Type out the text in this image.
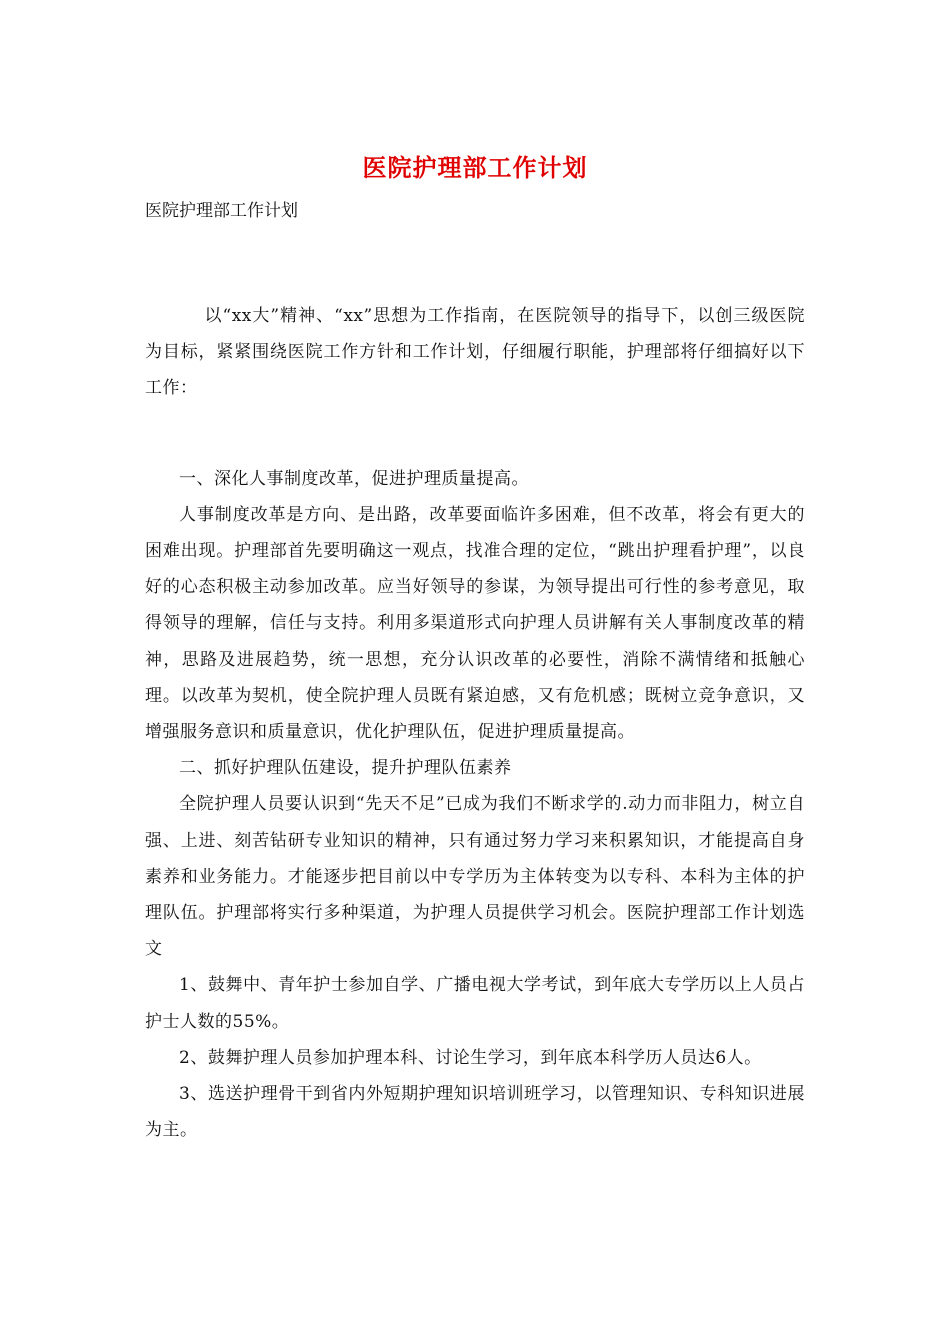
医院护理部工作计划
医院护理部工作计划

以“xx大”精神、“xx”思想为工作指南，在医院领导的指导下，以创三级医院为目标，紧紧围绕医院工作方针和工作计划，仔细履行职能，护理部将仔细搞好以下工作：

一、深化人事制度改革，促进护理质量提高。

人事制度改革是方向、是出路，改革要面临许多困难，但不改革，将会有更大的困难出现。护理部首先要明确这一观点，找准合理的定位，“跳出护理看护理”，以良好的心态积极主动参加改革。应当好领导的参谋，为领导提出可行性的参考意见，取得领导的理解，信任与支持。利用多渠道形式向护理人员讲解有关人事制度改革的精神，思路及进展趋势，统一思想，充分认识改革的必要性，消除不满情绪和抵触心理。以改革为契机，使全院护理人员既有紧迫感，又有危机感；既树立竞争意识，又增强服务意识和质量意识，优化护理队伍，促进护理质量提高。

二、抓好护理队伍建设，提升护理队伍素养

全院护理人员要认识到“先天不足”已成为我们不断求学的.动力而非阻力，树立自强、上进、刻苦钻研专业知识的精神，只有通过努力学习来积累知识，才能提高自身素养和业务能力。才能逐步把目前以中专学历为主体转变为以专科、本科为主体的护理队伍。护理部将实行多种渠道，为护理人员提供学习机会。医院护理部工作计划选文

1、鼓舞中、青年护士参加自学、广播电视大学考试，到年底大专学历以上人员占护士人数的55%。

2、鼓舞护理人员参加护理本科、讨论生学习，到年底本科学历人员达6人。

3、选送护理骨干到省内外短期护理知识培训班学习，以管理知识、专科知识进展为主。
